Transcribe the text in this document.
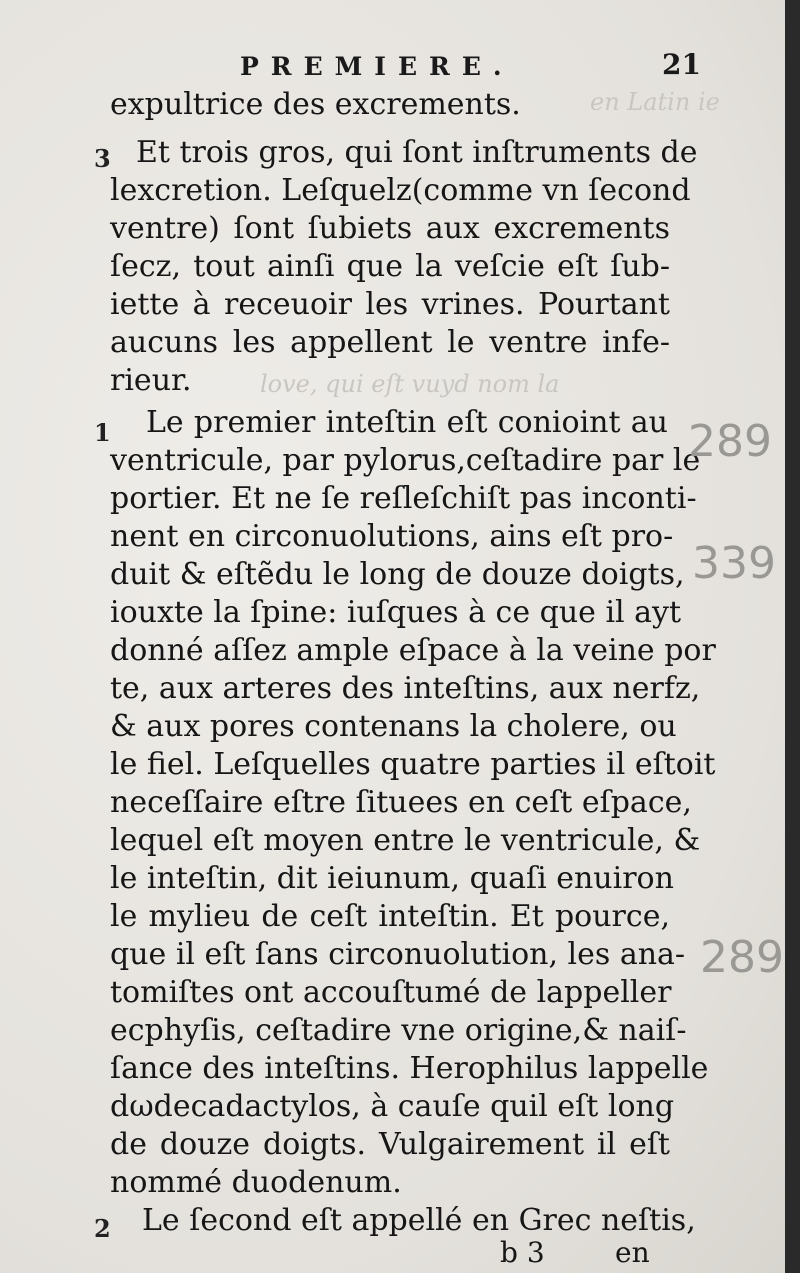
PREMIERE.	21
en Latin ie
love, qui eſt vuyd nom la
expultrice des excrements.
3 Et trois gros, qui ſont inſtruments de
lexcretion. Leſquelz(comme vn ſecond
ventre) ſont ſubiets aux excrements
ſecz, tout ainſi que la veſcie eſt ſub-
iette à receuoir les vrines. Pourtant
aucuns les appellent le ventre infe-
rieur.
1 Le premier inteſtin eſt conioint au
ventricule, par pylorus,ceſtadire par le
portier. Et ne ſe reſleſchiſt pas inconti-
nent en circonuolutions, ains eſt pro-
duit & eſtẽdu le long de douze doigts,
iouxte la ſpine: iuſques à ce que il ayt
donné aſſez ample eſpace à la veine por
te, aux arteres des inteſtins, aux nerfz,
& aux pores contenans la cholere, ou
le fiel. Leſquelles quatre parties il eſtoit
neceſſaire eſtre ſituees en ceſt eſpace,
lequel eſt moyen entre le ventricule, &
le inteſtin, dit ieiunum, quaſi enuiron
le mylieu de ceſt inteſtin. Et pource,
que il eſt ſans circonuolution, les ana-
tomiſtes ont accouſtumé de lappeller
ecphyſis, ceſtadire vne origine,& naiſ-
ſance des inteſtins. Herophilus lappelle
dωdecadactylos, à cauſe quil eſt long
de douze doigts. Vulgairement il eſt
nommé duodenum.
2 Le ſecond eſt appellé en Grec neſtis,
b 3	en
289
339
289
